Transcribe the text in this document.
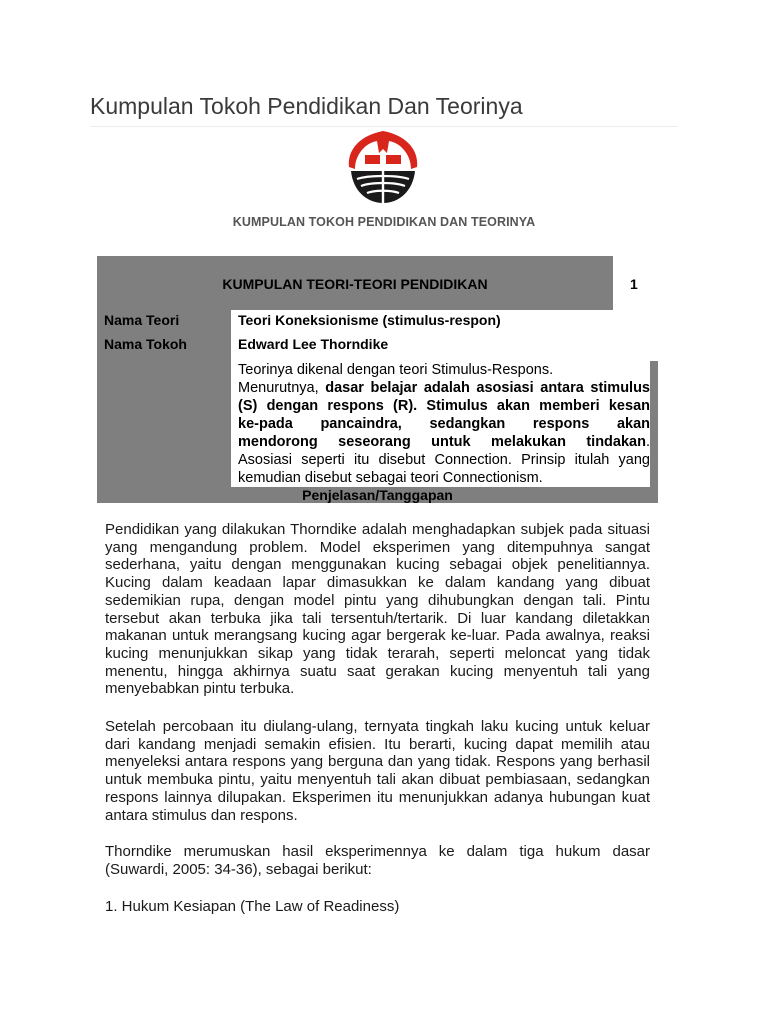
Kumpulan Tokoh Pendidikan Dan Teorinya
KUMPULAN TOKOH PENDIDIKAN DAN TEORINYA
KUMPULAN TEORI-TEORI PENDIDIKAN	1
Nama Teori	Teori Koneksionisme (stimulus-respon)
Nama Tokoh	Edward Lee Thorndike

Teorinya dikenal dengan teori Stimulus-Respons.
Menurutnya, dasar belajar adalah asosiasi antara stimulus
(S) dengan respons (R). Stimulus akan memberi kesan
ke-pada pancaindra, sedangkan respons akan
mendorong seseorang untuk melakukan tindakan.
Asosiasi seperti itu disebut Connection. Prinsip itulah yang
kemudian disebut sebagai teori Connectionism.

Penjelasan/Tanggapan

Pendidikan yang dilakukan Thorndike adalah menghadapkan subjek pada situasi
yang mengandung problem. Model eksperimen yang ditempuhnya sangat
sederhana, yaitu dengan menggunakan kucing sebagai objek penelitiannya.
Kucing dalam keadaan lapar dimasukkan ke dalam kandang yang dibuat
sedemikian rupa, dengan model pintu yang dihubungkan dengan tali. Pintu
tersebut akan terbuka jika tali tersentuh/tertarik. Di luar kandang diletakkan
makanan untuk merangsang kucing agar bergerak ke-luar. Pada awalnya, reaksi
kucing menunjukkan sikap yang tidak terarah, seperti meloncat yang tidak
menentu, hingga akhirnya suatu saat gerakan kucing menyentuh tali yang
menyebabkan pintu terbuka.

Setelah percobaan itu diulang-ulang, ternyata tingkah laku kucing untuk keluar
dari kandang menjadi semakin efisien. Itu berarti, kucing dapat memilih atau
menyeleksi antara respons yang berguna dan yang tidak. Respons yang berhasil
untuk membuka pintu, yaitu menyentuh tali akan dibuat pembiasaan, sedangkan
respons lainnya dilupakan. Eksperimen itu menunjukkan adanya hubungan kuat
antara stimulus dan respons.

Thorndike merumuskan hasil eksperimennya ke dalam tiga hukum dasar
(Suwardi, 2005: 34-36), sebagai berikut:

1. Hukum Kesiapan (The Law of Readiness)
